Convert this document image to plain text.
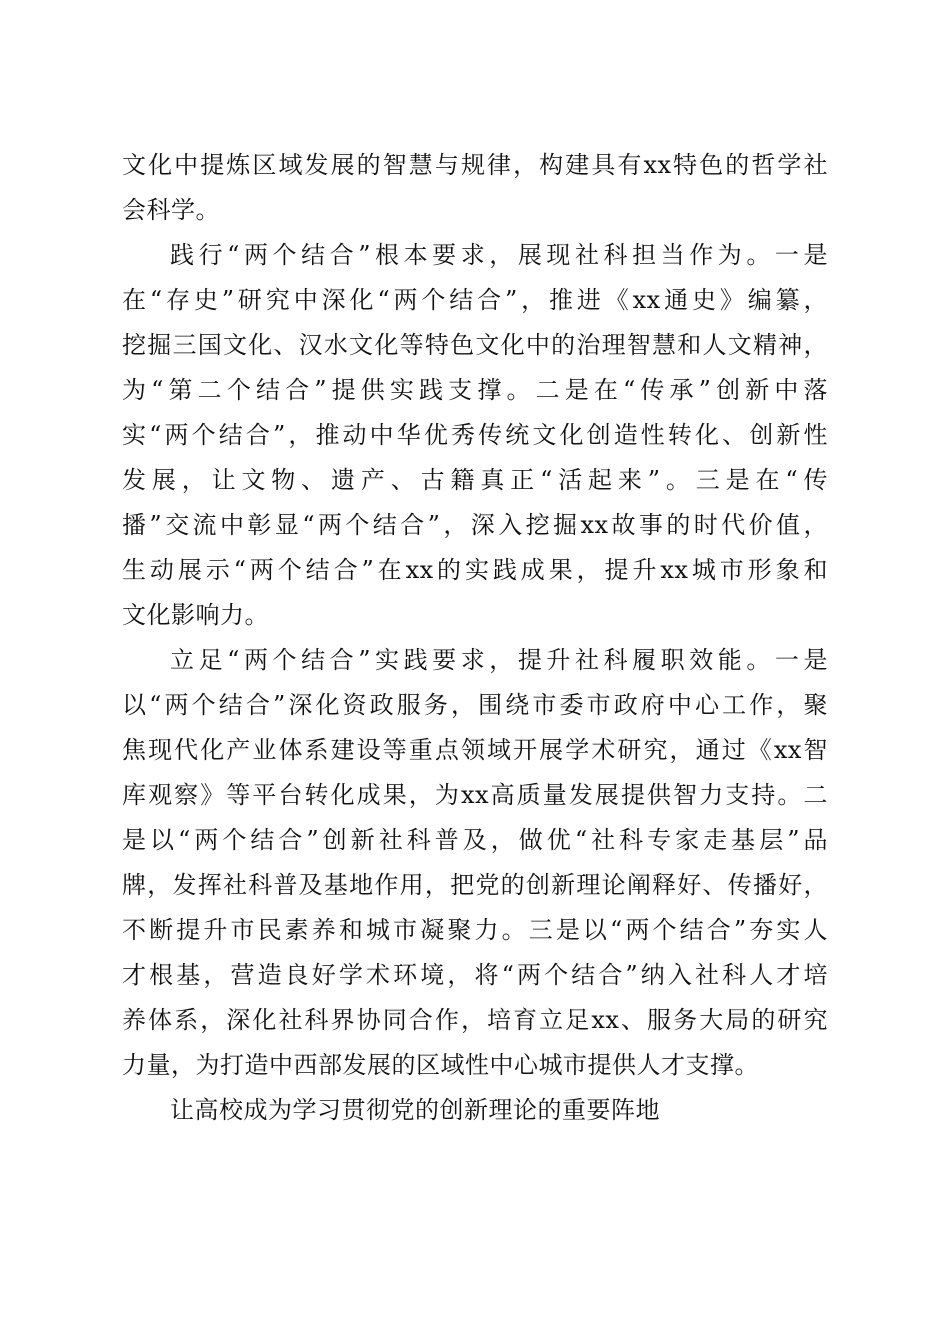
文化中提炼区域发展的智慧与规律，构建具有xx特色的哲学社
会科学。
践行“两个结合”根本要求，展现社科担当作为。一是
在“存史”研究中深化“两个结合”，推进《xx通史》编纂，
挖掘三国文化、汉水文化等特色文化中的治理智慧和人文精神，
为“第二个结合”提供实践支撑。二是在“传承”创新中落
实“两个结合”，推动中华优秀传统文化创造性转化、创新性
发展，让文物、遗产、古籍真正“活起来”。三是在“传
播”交流中彰显“两个结合”，深入挖掘xx故事的时代价值，
生动展示“两个结合”在xx的实践成果，提升xx城市形象和
文化影响力。
立足“两个结合”实践要求，提升社科履职效能。一是
以“两个结合”深化资政服务，围绕市委市政府中心工作，聚
焦现代化产业体系建设等重点领域开展学术研究，通过《xx智
库观察》等平台转化成果，为xx高质量发展提供智力支持。二
是以“两个结合”创新社科普及，做优“社科专家走基层”品
牌，发挥社科普及基地作用，把党的创新理论阐释好、传播好，
不断提升市民素养和城市凝聚力。三是以“两个结合”夯实人
才根基，营造良好学术环境，将“两个结合”纳入社科人才培
养体系，深化社科界协同合作，培育立足xx、服务大局的研究
力量，为打造中西部发展的区域性中心城市提供人才支撑。
让高校成为学习贯彻党的创新理论的重要阵地
